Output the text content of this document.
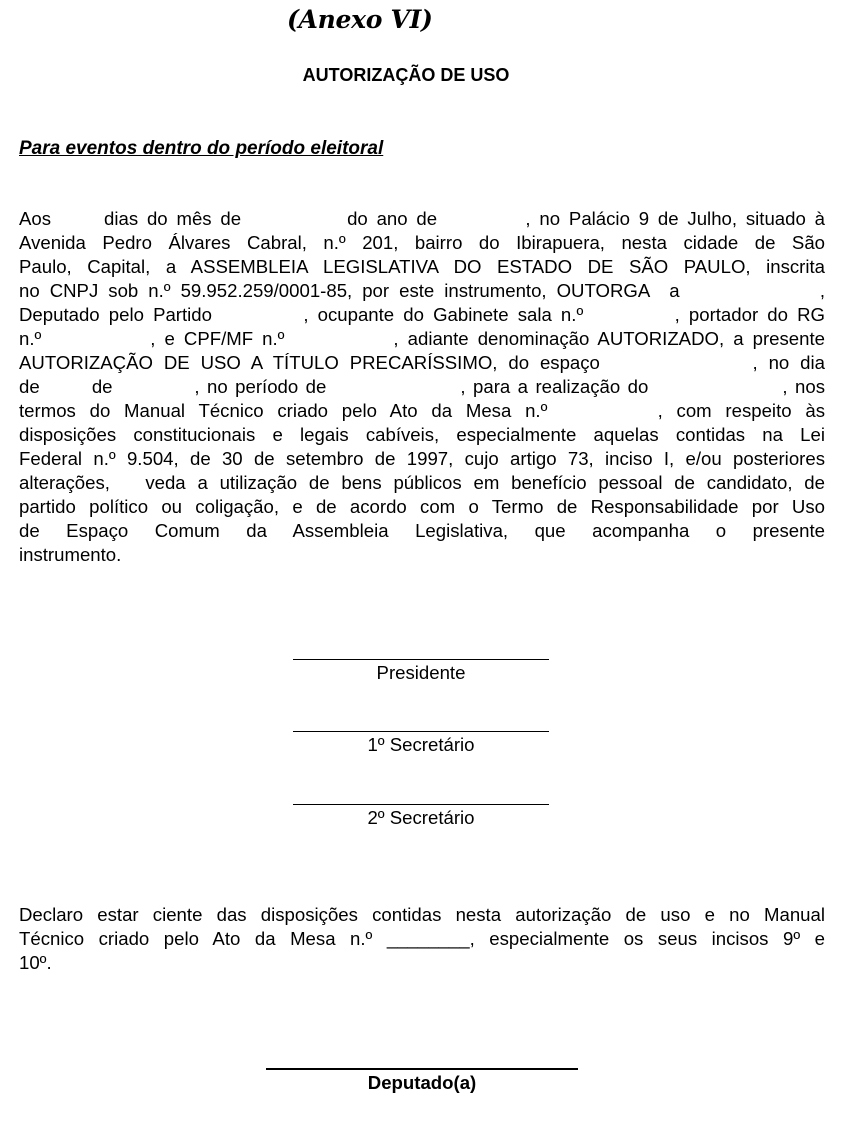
(Anexo VI)
AUTORIZAÇÃO DE USO
Para eventos dentro do período eleitoral
Aos      dias do mês de            do ano de          , no Palácio 9 de Julho, situado à
Avenida Pedro Álvares Cabral, n.º 201, bairro do Ibirapuera, nesta cidade de São
Paulo, Capital, a ASSEMBLEIA LEGISLATIVA DO ESTADO DE SÃO PAULO, inscrita
no CNPJ sob n.º 59.952.259/0001-85, por este instrumento, OUTORGA  a              ,
Deputado pelo Partido          , ocupante do Gabinete sala n.º          , portador do RG
n.º            , e CPF/MF n.º            , adiante denominação AUTORIZADO, a presente
AUTORIZAÇÃO DE USO A TÍTULO PRECARÍSSIMO, do espaço              , no dia
de       de           , no período de                  , para a realização do                  , nos
termos do Manual Técnico criado pelo Ato da Mesa n.º        , com respeito às
disposições constitucionais e legais cabíveis, especialmente aquelas contidas na Lei
Federal n.º 9.504, de 30 de setembro de 1997, cujo artigo 73, inciso I, e/ou posteriores
alterações,   veda a utilização de bens públicos em benefício pessoal de candidato, de
partido político ou coligação, e de acordo com o Termo de Responsabilidade por Uso
de Espaço Comum da Assembleia Legislativa, que acompanha o presente
instrumento.
Presidente
1º Secretário
2º Secretário
Declaro estar ciente das disposições contidas nesta autorização de uso e no Manual
Técnico criado pelo Ato da Mesa n.º ________, especialmente os seus incisos 9º e
10º.
Deputado(a)
